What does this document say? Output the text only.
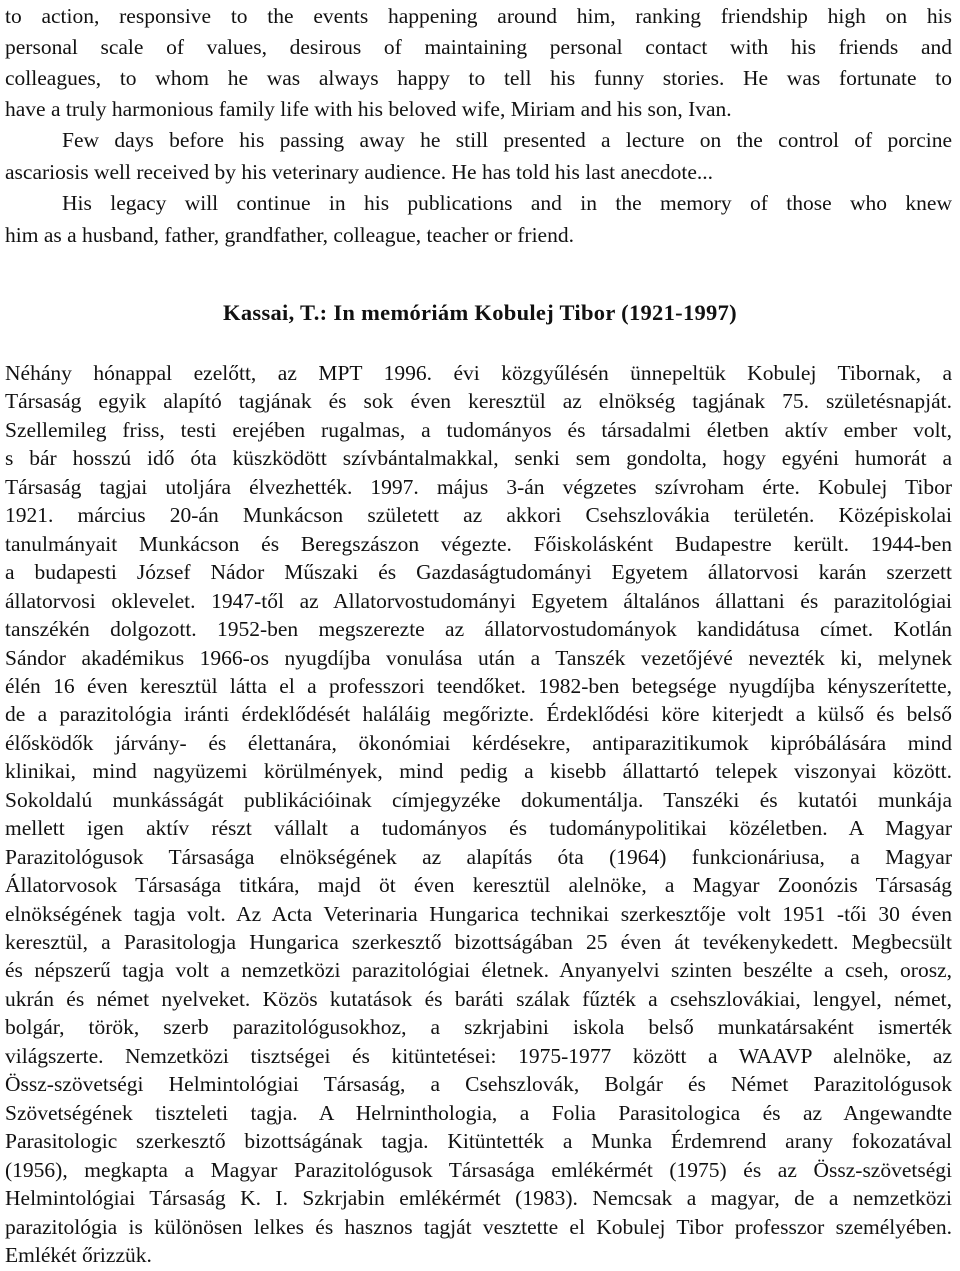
to action, responsive to the events happening around him, ranking friendship high on his
personal scale of values, desirous of maintaining personal contact with his friends and
colleagues, to whom he was always happy to tell his funny stories. He was fortunate to
have a truly harmonious family life with his beloved wife, Miriam and his son, Ivan.
Few days before his passing away he still presented a lecture on the control of porcine
ascariosis well received by his veterinary audience. He has told his last anecdote...
His legacy will continue in his publications and in the memory of those who knew
him as a husband, father, grandfather, colleague, teacher or friend.
Kassai, T.: In memóriám Kobulej Tibor (1921-1997)
Néhány hónappal ezelőtt, az MPT 1996. évi közgyűlésén ünnepeltük Kobulej Tibornak, a
Társaság egyik alapító tagjának és sok éven keresztül az elnökség tagjának 75. születésnapját.
Szellemileg friss, testi erejében rugalmas, a tudományos és társadalmi életben aktív ember volt,
s bár hosszú idő óta küszködött szívbántalmakkal, senki sem gondolta, hogy egyéni humorát a
Társaság tagjai utoljára élvezhették. 1997. május 3-án végzetes szívroham érte. Kobulej Tibor
1921. március 20-án Munkácson született az akkori Csehszlovákia területén. Középiskolai
tanulmányait Munkácson és Beregszászon végezte. Főiskolásként Budapestre került. 1944-ben
a budapesti József Nádor Műszaki és Gazdaságtudományi Egyetem állatorvosi karán szerzett
állatorvosi oklevelet. 1947-től az Allatorvostudományi Egyetem általános állattani és parazitológiai
tanszékén dolgozott. 1952-ben megszerezte az állatorvostudományok kandidátusa címet. Kotlán
Sándor akadémikus 1966-os nyugdíjba vonulása után a Tanszék vezetőjévé nevezték ki, melynek
élén 16 éven keresztül látta el a professzori teendőket. 1982-ben betegsége nyugdíjba kényszerítette,
de a parazitológia iránti érdeklődését haláláig megőrizte. Érdeklődési köre kiterjedt a külső és belső
élősködők járvány- és élettanára, ökonómiai kérdésekre, antiparazitikumok kipróbálására mind
klinikai, mind nagyüzemi körülmények, mind pedig a kisebb állattartó telepek viszonyai között.
Sokoldalú munkásságát publikációinak címjegyzéke dokumentálja. Tanszéki és kutatói munkája
mellett igen aktív részt vállalt a tudományos és tudománypolitikai közéletben. A Magyar
Parazitológusok Társasága elnökségének az alapítás óta (1964) funkcionáriusa, a Magyar
Állatorvosok Társasága titkára, majd öt éven keresztül alelnöke, a Magyar Zoonózis Társaság
elnökségének tagja volt. Az Acta Veterinaria Hungarica technikai szerkesztője volt 1951 -tői 30 éven
keresztül, a Parasitologja Hungarica szerkesztő bizottságában 25 éven át tevékenykedett. Megbecsült
és népszerű tagja volt a nemzetközi parazitológiai életnek. Anyanyelvi szinten beszélte a cseh, orosz,
ukrán és német nyelveket. Közös kutatások és baráti szálak fűzték a csehszlovákiai, lengyel, német,
bolgár, török, szerb parazitológusokhoz, a szkrjabini iskola belső munkatársaként ismerték
világszerte. Nemzetközi tisztségei és kitüntetései: 1975-1977 között a WAAVP alelnöke, az
Össz-szövetségi Helmintológiai Társaság, a Csehszlovák, Bolgár és Német Parazitológusok
Szövetségének tiszteleti tagja. A Helrninthologia, a Folia Parasitologica és az Angewandte
Parasitologic szerkesztő bizottságának tagja. Kitüntették a Munka Érdemrend arany fokozatával
(1956), megkapta a Magyar Parazitológusok Társasága emlékérmét (1975) és az Össz-szövetségi
Helmintológiai Társaság K. I. Szkrjabin emlékérmét (1983). Nemcsak a magyar, de a nemzetközi
parazitológia is különösen lelkes és hasznos tagját vesztette el Kobulej Tibor professzor személyében.
Emlékét őrizzük.
